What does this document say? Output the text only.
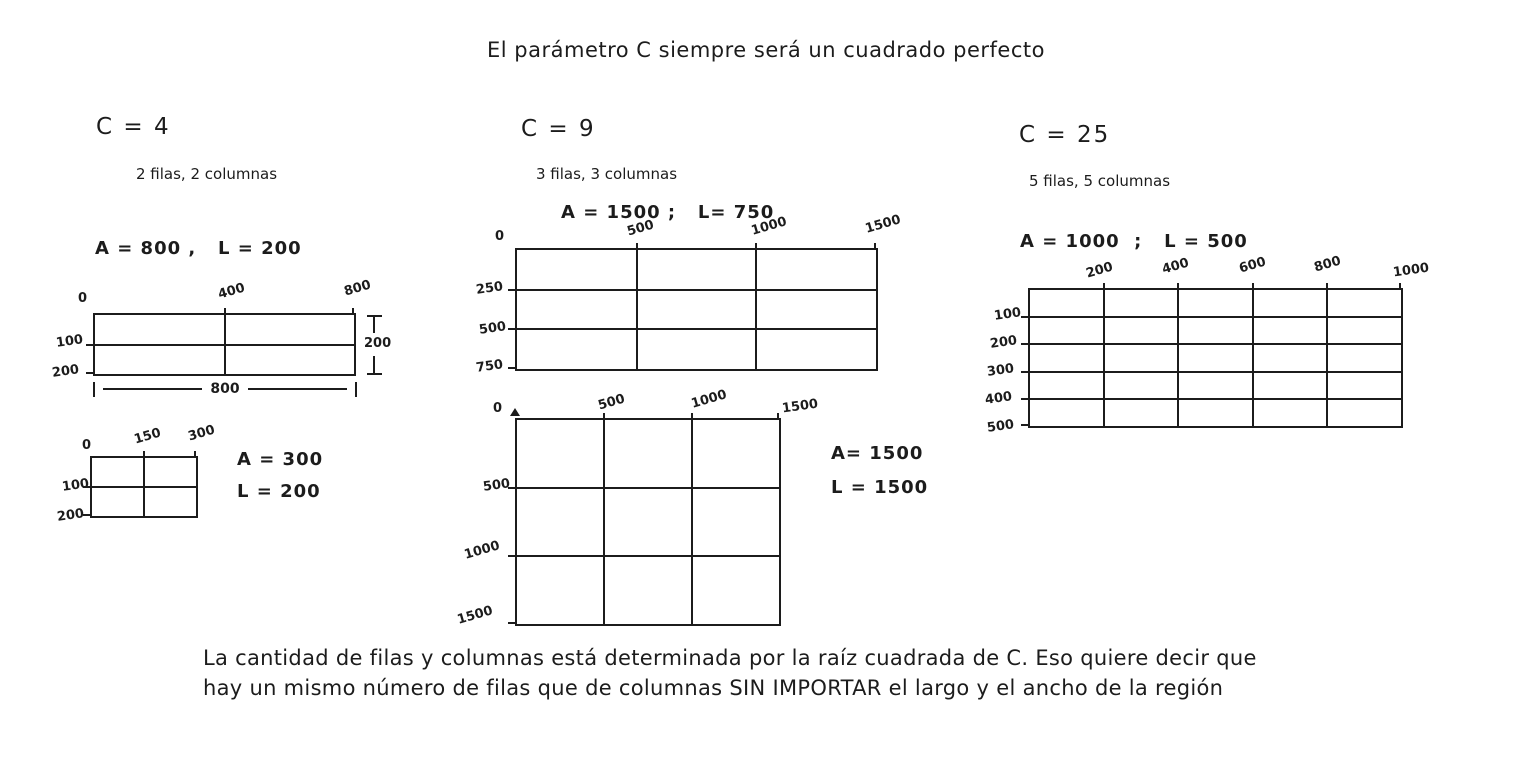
El parámetro C siempre será un cuadrado perfecto
C = 4
2 filas, 2 columnas
A = 800 ,   L = 200
0	400	800
100
200
200
800
0	150 300
100
200
A = 300
L = 200
C = 9
3 filas, 3 columnas
A = 1500 ;   L= 750
0	500	1000	1500
250
500
750
0	500	1000	1500
500
1000
1500
A= 1500
L = 1500
C = 25
5 filas, 5 columnas
A = 1000  ;   L = 500
200	400	600	800	1000
100
200
300
400
500
La cantidad de filas y columnas está determinada por la raíz cuadrada de C. Eso quiere decir que
hay un mismo número de filas que de columnas SIN IMPORTAR el largo y el ancho de la región
